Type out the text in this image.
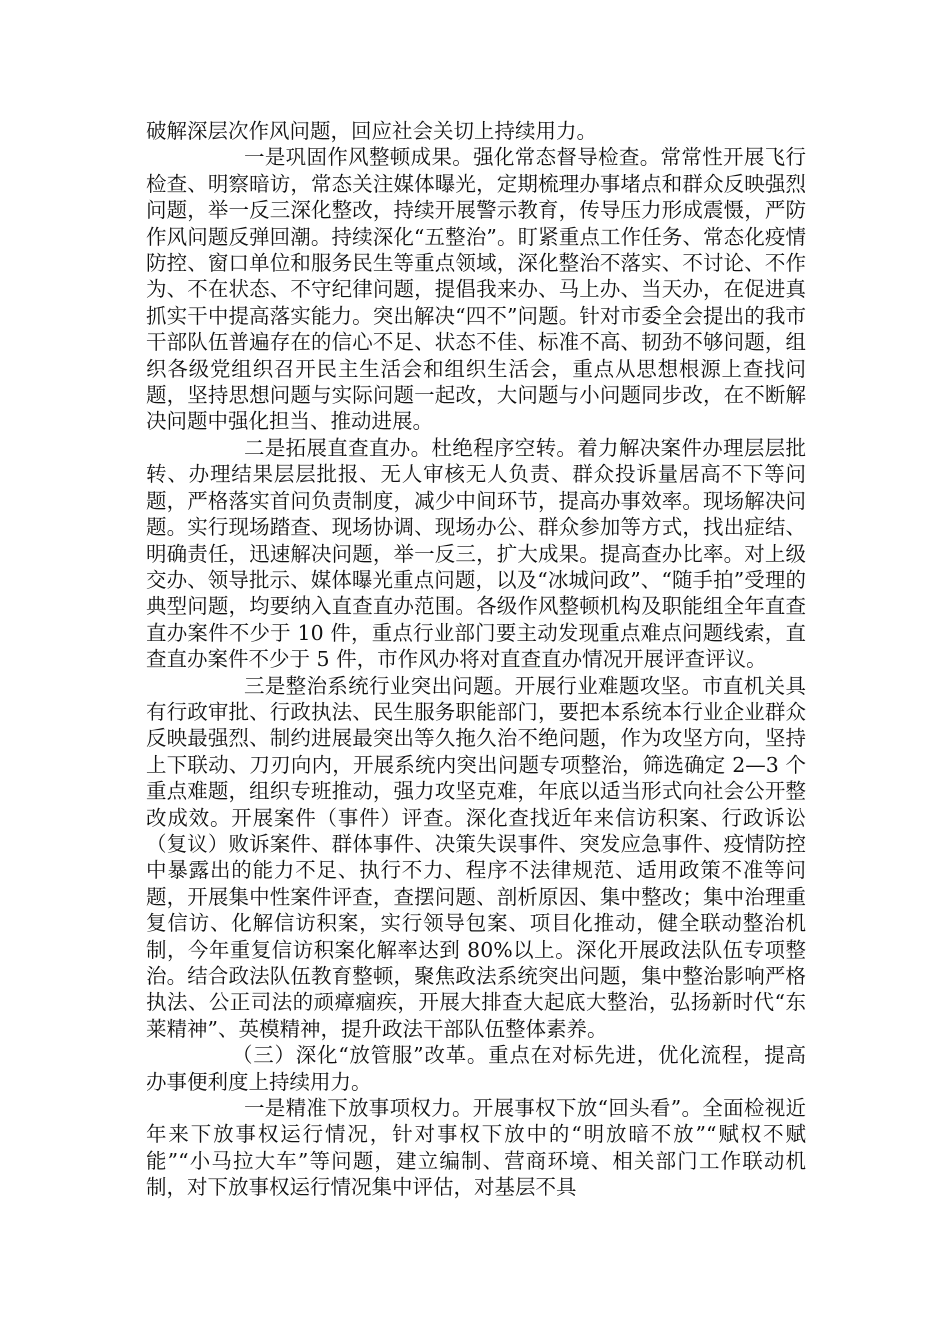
破解深层次作风问题，回应社会关切上持续用力。

一是巩固作风整顿成果。强化常态督导检查。常常性开展飞行检查、明察暗访，常态关注媒体曝光，定期梳理办事堵点和群众反映强烈问题，举一反三深化整改，持续开展警示教育，传导压力形成震慑，严防作风问题反弹回潮。持续深化“五整治”。盯紧重点工作任务、常态化疫情防控、窗口单位和服务民生等重点领域，深化整治不落实、不讨论、不作为、不在状态、不守纪律问题，提倡我来办、马上办、当天办，在促进真抓实干中提高落实能力。突出解决“四不”问题。针对市委全会提出的我市干部队伍普遍存在的信心不足、状态不佳、标准不高、韧劲不够问题，组织各级党组织召开民主生活会和组织生活会，重点从思想根源上查找问题，坚持思想问题与实际问题一起改，大问题与小问题同步改，在不断解决问题中强化担当、推动进展。

二是拓展直查直办。杜绝程序空转。着力解决案件办理层层批转、办理结果层层批报、无人审核无人负责、群众投诉量居高不下等问题，严格落实首问负责制度，减少中间环节，提高办事效率。现场解决问题。实行现场踏查、现场协调、现场办公、群众参加等方式，找出症结、明确责任，迅速解决问题，举一反三，扩大成果。提高查办比率。对上级交办、领导批示、媒体曝光重点问题，以及“冰城问政”、“随手拍”受理的典型问题，均要纳入直查直办范围。各级作风整顿机构及职能组全年直查直办案件不少于 10 件，重点行业部门要主动发现重点难点问题线索，直查直办案件不少于 5 件，市作风办将对直查直办情况开展评查评议。

三是整治系统行业突出问题。开展行业难题攻坚。市直机关具有行政审批、行政执法、民生服务职能部门，要把本系统本行业企业群众反映最强烈、制约进展最突出等久拖久治不绝问题，作为攻坚方向，坚持上下联动、刀刃向内，开展系统内突出问题专项整治，筛选确定 2—3 个重点难题，组织专班推动，强力攻坚克难，年底以适当形式向社会公开整改成效。开展案件（事件）评查。深化查找近年来信访积案、行政诉讼（复议）败诉案件、群体事件、决策失误事件、突发应急事件、疫情防控中暴露出的能力不足、执行不力、程序不法律规范、适用政策不准等问题，开展集中性案件评查，查摆问题、剖析原因、集中整改；集中治理重复信访、化解信访积案，实行领导包案、项目化推动，健全联动整治机制，今年重复信访积案化解率达到 80%以上。深化开展政法队伍专项整治。结合政法队伍教育整顿，聚焦政法系统突出问题，集中整治影响严格执法、公正司法的顽瘴痼疾，开展大排查大起底大整治，弘扬新时代“东莱精神”、英模精神，提升政法干部队伍整体素养。

（三）深化“放管服”改革。重点在对标先进，优化流程，提高办事便利度上持续用力。

一是精准下放事项权力。开展事权下放“回头看”。全面检视近年来下放事权运行情况，针对事权下放中的“明放暗不放”“赋权不赋能”“小马拉大车”等问题，建立编制、营商环境、相关部门工作联动机制，对下放事权运行情况集中评估，对基层不具
